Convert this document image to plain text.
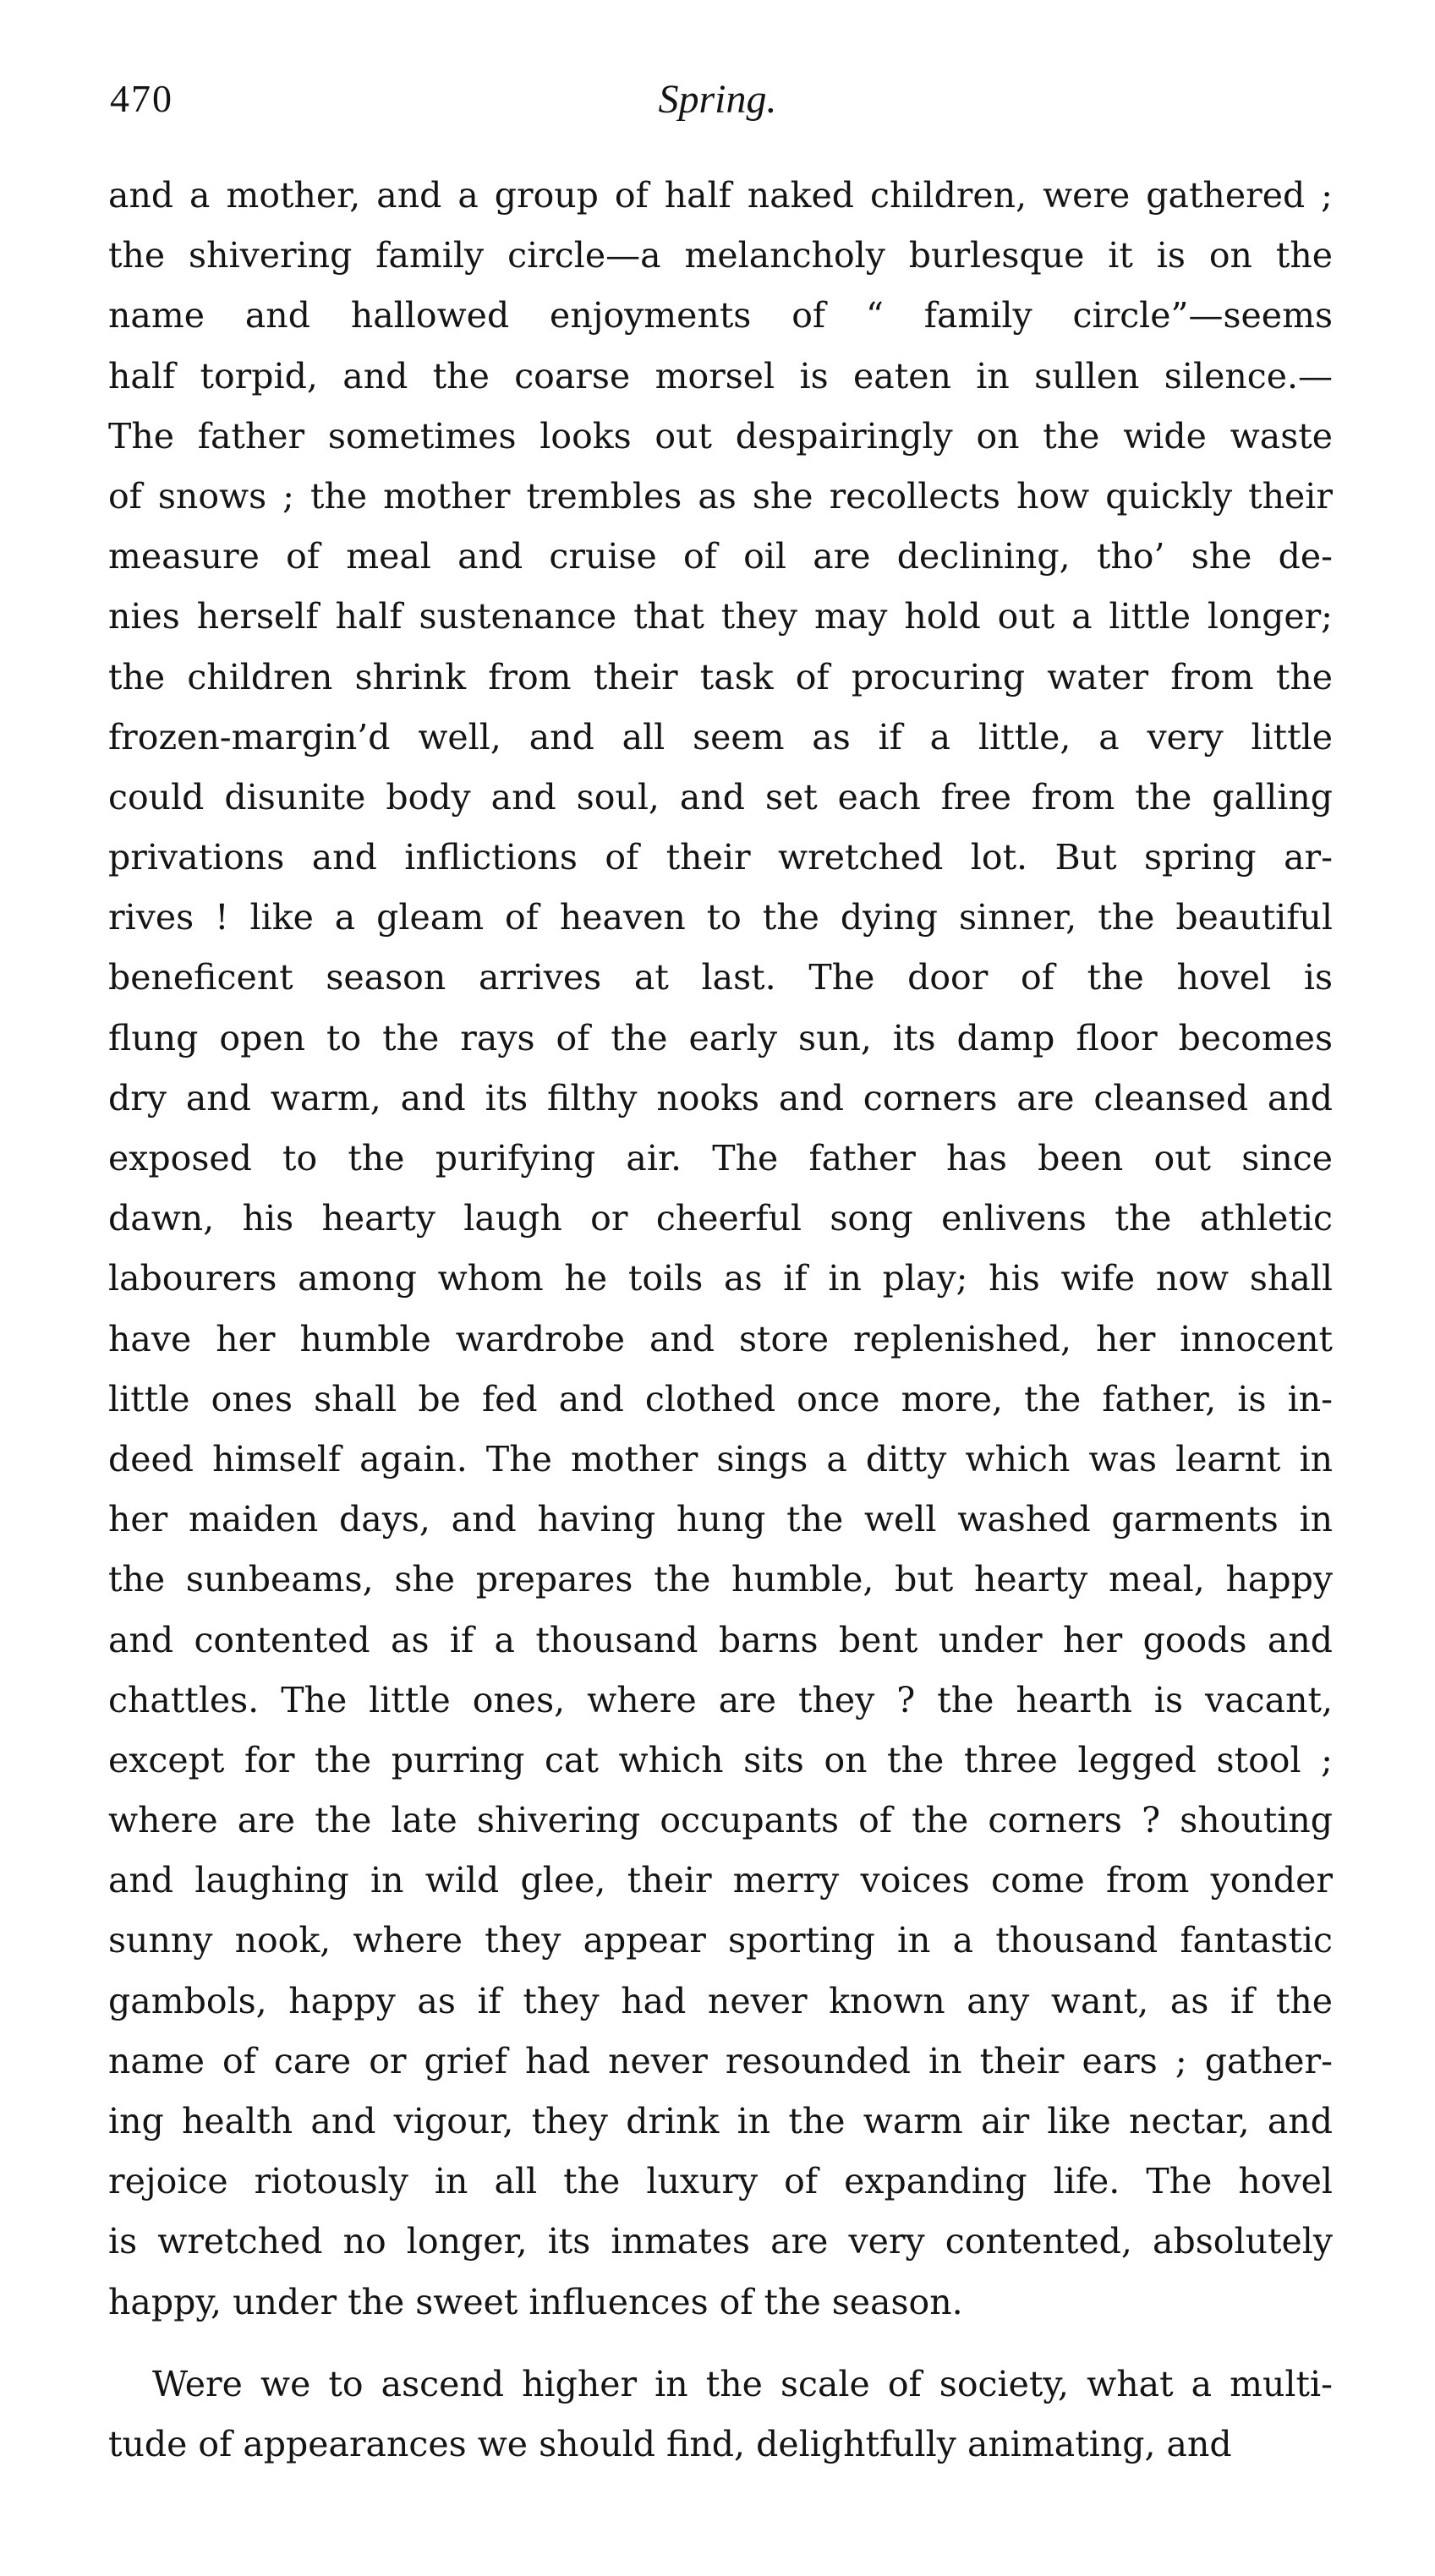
470	Spring.
and a mother, and a group of half naked children, were gathered ;
the shivering family circle—a melancholy burlesque it is on the
name and hallowed enjoyments of “ family circle”—seems
half torpid, and the coarse morsel is eaten in sullen silence.—
The father sometimes looks out despairingly on the wide waste
of snows ; the mother trembles as she recollects how quickly their
measure of meal and cruise of oil are declining, tho’ she de-
nies herself half sustenance that they may hold out a little longer;
the children shrink from their task of procuring water from the
frozen-margin’d well, and all seem as if a little, a very little
could disunite body and soul, and set each free from the galling
privations and inflictions of their wretched lot. But spring ar-
rives ! like a gleam of heaven to the dying sinner, the beautiful
beneficent season arrives at last. The door of the hovel is
flung open to the rays of the early sun, its damp floor becomes
dry and warm, and its filthy nooks and corners are cleansed and
exposed to the purifying air. The father has been out since
dawn, his hearty laugh or cheerful song enlivens the athletic
labourers among whom he toils as if in play; his wife now shall
have her humble wardrobe and store replenished, her innocent
little ones shall be fed and clothed once more, the father, is in-
deed himself again. The mother sings a ditty which was learnt in
her maiden days, and having hung the well washed garments in
the sunbeams, she prepares the humble, but hearty meal, happy
and contented as if a thousand barns bent under her goods and
chattles. The little ones, where are they ? the hearth is vacant,
except for the purring cat which sits on the three legged stool ;
where are the late shivering occupants of the corners ? shouting
and laughing in wild glee, their merry voices come from yonder
sunny nook, where they appear sporting in a thousand fantastic
gambols, happy as if they had never known any want, as if the
name of care or grief had never resounded in their ears ; gather-
ing health and vigour, they drink in the warm air like nectar, and
rejoice riotously in all the luxury of expanding life. The hovel
is wretched no longer, its inmates are very contented, absolutely
happy, under the sweet influences of the season.
Were we to ascend higher in the scale of society, what a multi-
tude of appearances we should find, delightfully animating, and
